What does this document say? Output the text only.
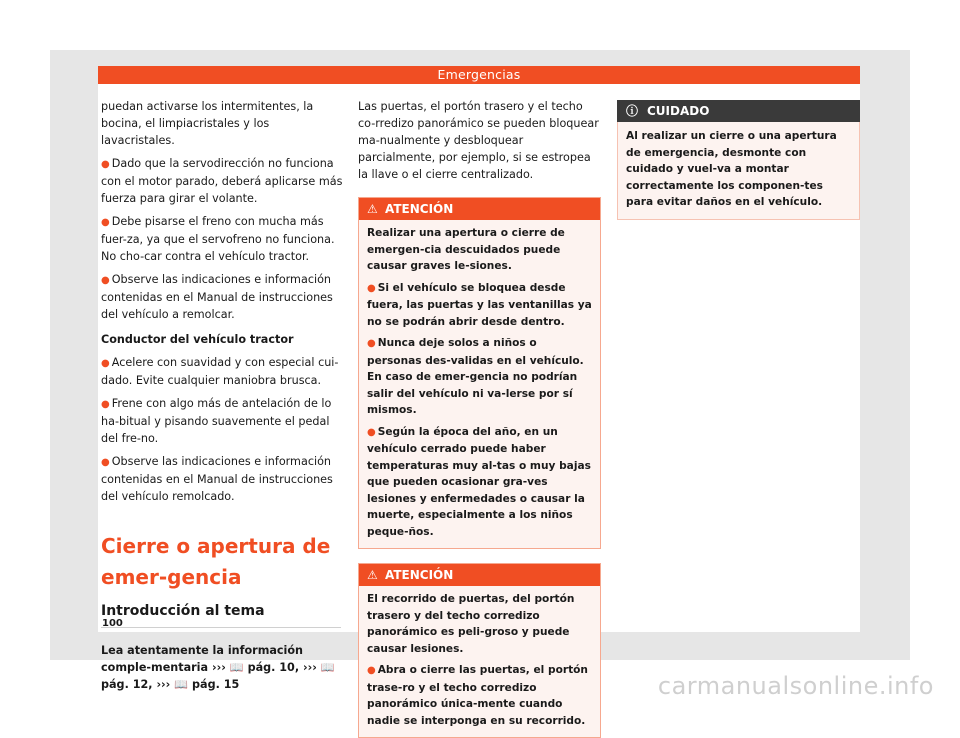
Emergencias

puedan activarse los intermitentes, la bocina, el limpiacristales y los lavacristales.

● Dado que la servodirección no funciona con el motor parado, deberá aplicarse más fuerza para girar el volante.

● Debe pisarse el freno con mucha más fuer-za, ya que el servofreno no funciona. No cho-car contra el vehículo tractor.

● Observe las indicaciones e información contenidas en el Manual de instrucciones del vehículo a remolcar.

Conductor del vehículo tractor

● Acelere con suavidad y con especial cui-dado. Evite cualquier maniobra brusca.

● Frene con algo más de antelación de lo ha-bitual y pisando suavemente el pedal del fre-no.

● Observe las indicaciones e información contenidas en el Manual de instrucciones del vehículo remolcado.

Cierre o apertura de emer-gencia
Introducción al tema
Lea atentamente la información comple-mentaria ››› 📖 pág. 10, ››› 📖 pág. 12, ››› 📖 pág. 15

Las puertas, el portón trasero y el techo co-rredizo panorámico se pueden bloquear ma-nualmente y desbloquear parcialmente, por ejemplo, si se estropea la llave o el cierre centralizado.

⚠ ATENCIÓN

Realizar una apertura o cierre de emergen-cia descuidados puede causar graves le-siones.

● Si el vehículo se bloquea desde fuera, las puertas y las ventanillas ya no se podrán abrir desde dentro.

● Nunca deje solos a niños o personas des-validas en el vehículo. En caso de emer-gencia no podrían salir del vehículo ni va-lerse por sí mismos.

● Según la época del año, en un vehículo cerrado puede haber temperaturas muy al-tas o muy bajas que pueden ocasionar gra-ves lesiones y enfermedades o causar la muerte, especialmente a los niños peque-ños.

⚠ ATENCIÓN

El recorrido de puertas, del portón trasero y del techo corredizo panorámico es peli-groso y puede causar lesiones.

● Abra o cierre las puertas, el portón trase-ro y el techo corredizo panorámico única-mente cuando nadie se interponga en su recorrido.

ⓘ CUIDADO
Al realizar un cierre o una apertura de emergencia, desmonte con cuidado y vuel-va a montar correctamente los componen-tes para evitar daños en el vehículo.
100
carmanualsonline.info
